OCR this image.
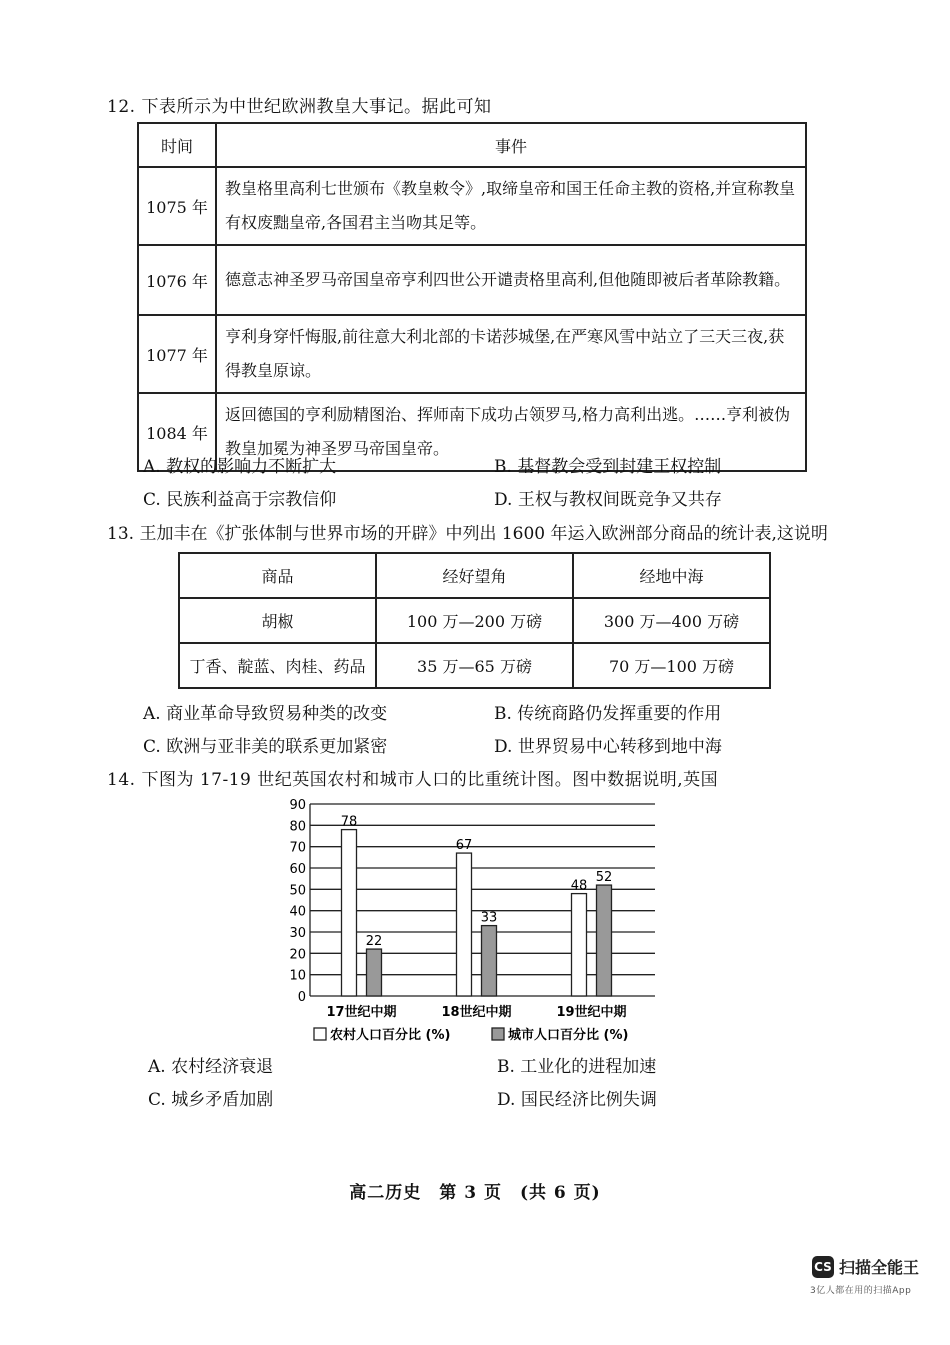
12. 下表所示为中世纪欧洲教皇大事记。据此可知
时间	事件
1075 年	教皇格里高利七世颁布《教皇敕令》,取缔皇帝和国王任命主教的资格,并宣称教皇有权废黜皇帝,各国君主当吻其足等。
1076 年	德意志神圣罗马帝国皇帝亨利四世公开谴责格里高利,但他随即被后者革除教籍。
1077 年	亨利身穿忏悔服,前往意大利北部的卡诺莎城堡,在严寒风雪中站立了三天三夜,获得教皇原谅。
1084 年	返回德国的亨利励精图治、挥师南下成功占领罗马,格力高利出逃。……亨利被伪教皇加冕为神圣罗马帝国皇帝。
A. 教权的影响力不断扩大	B. 基督教会受到封建王权控制
C. 民族利益高于宗教信仰	D. 王权与教权间既竞争又共存
13. 王加丰在《扩张体制与世界市场的开辟》中列出 1600 年运入欧洲部分商品的统计表,这说明
商品	经好望角	经地中海
胡椒	100 万—200 万磅	300 万—400 万磅
丁香、靛蓝、肉桂、药品	35 万—65 万磅	70 万—100 万磅
A. 商业革命导致贸易种类的改变	B. 传统商路仍发挥重要的作用
C. 欧洲与亚非美的联系更加紧密	D. 世界贸易中心转移到地中海
14. 下图为 17-19 世纪英国农村和城市人口的比重统计图。图中数据说明,英国
0
10
20
30
40
50
60
70
80
90
78
22
17世纪中期
67
33
18世纪中期
48
52
19世纪中期
农村人口百分比 (%)	城市人口百分比 (%)
A. 农村经济衰退	B. 工业化的进程加速
C. 城乡矛盾加剧	D. 国民经济比例失调
高二历史　第 3 页　(共 6 页)
CS 扫描全能王
3亿人都在用的扫描App
